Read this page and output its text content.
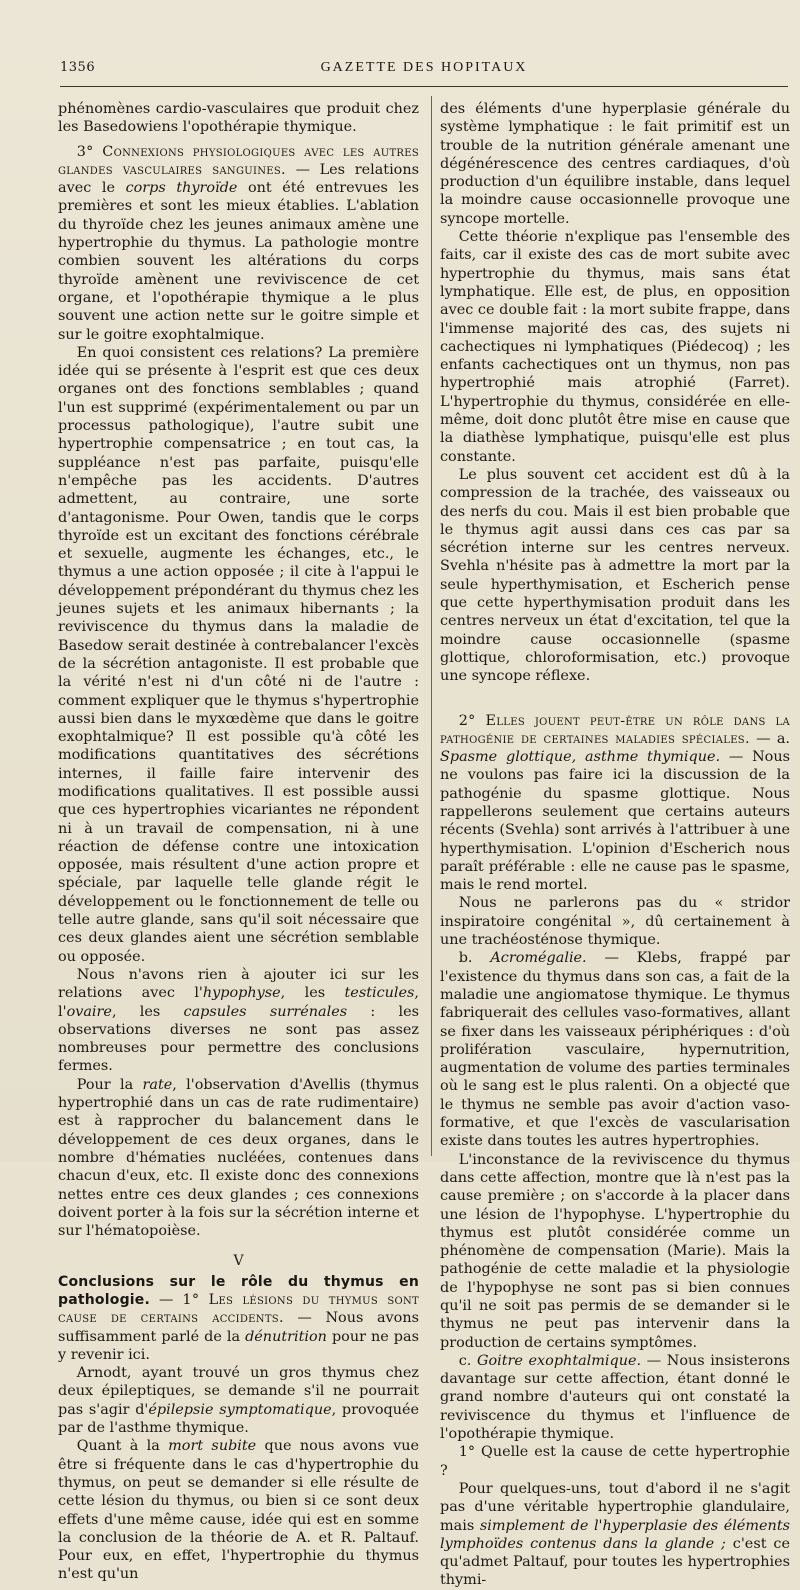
1356	GAZETTE DES HOPITAUX

phénomènes cardio-vasculaires que produit chez les Basedowiens l'opothérapie thymique.

3° Connexions physiologiques avec les autres glandes vasculaires sanguines. — Les relations avec le corps thyroïde ont été entrevues les premières et sont les mieux établies. L'ablation du thyroïde chez les jeunes animaux amène une hypertrophie du thymus. La pathologie montre combien souvent les altérations du corps thyroïde amènent une reviviscence de cet organe, et l'opothérapie thymique a le plus souvent une action nette sur le goitre simple et sur le goitre exophtalmique.

En quoi consistent ces relations? La première idée qui se présente à l'esprit est que ces deux organes ont des fonctions semblables ; quand l'un est supprimé (expérimentalement ou par un processus pathologique), l'autre subit une hypertrophie compensatrice ; en tout cas, la suppléance n'est pas parfaite, puisqu'elle n'empêche pas les accidents. D'autres admettent, au contraire, une sorte d'antagonisme. Pour Owen, tandis que le corps thyroïde est un excitant des fonctions cérébrale et sexuelle, augmente les échanges, etc., le thymus a une action opposée ; il cite à l'appui le développement prépondérant du thymus chez les jeunes sujets et les animaux hibernants ; la reviviscence du thymus dans la maladie de Basedow serait destinée à contrebalancer l'excès de la sécrétion antagoniste. Il est probable que la vérité n'est ni d'un côté ni de l'autre : comment expliquer que le thymus s'hypertrophie aussi bien dans le myxœdème que dans le goitre exophtalmique? Il est possible qu'à côté les modifications quantitatives des sécrétions internes, il faille faire intervenir des modifications qualitatives. Il est possible aussi que ces hypertrophies vicariantes ne répondent ni à un travail de compensation, ni à une réaction de défense contre une intoxication opposée, mais résultent d'une action propre et spéciale, par laquelle telle glande régit le développement ou le fonctionnement de telle ou telle autre glande, sans qu'il soit nécessaire que ces deux glandes aient une sécrétion semblable ou opposée.

Nous n'avons rien à ajouter ici sur les relations avec l'hypophyse, les testicules, l'ovaire, les capsules surrénales : les observations diverses ne sont pas assez nombreuses pour permettre des conclusions fermes.

Pour la rate, l'observation d'Avellis (thymus hypertrophié dans un cas de rate rudimentaire) est à rapprocher du balancement dans le développement de ces deux organes, dans le nombre d'hématies nucléées, contenues dans chacun d'eux, etc. Il existe donc des connexions nettes entre ces deux glandes ; ces connexions doivent porter à la fois sur la sécrétion interne et sur l'hématopoièse.

V

Conclusions sur le rôle du thymus en pathologie. — 1° Les lésions du thymus sont cause de certains accidents. — Nous avons suffisamment parlé de la dénutrition pour ne pas y revenir ici.

Arnodt, ayant trouvé un gros thymus chez deux épileptiques, se demande s'il ne pourrait pas s'agir d'épilepsie symptomatique, provoquée par de l'asthme thymique.

Quant à la mort subite que nous avons vue être si fréquente dans le cas d'hypertrophie du thymus, on peut se demander si elle résulte de cette lésion du thymus, ou bien si ce sont deux effets d'une même cause, idée qui est en somme la conclusion de la théorie de A. et R. Paltauf. Pour eux, en effet, l'hypertrophie du thymus n'est qu'un

des éléments d'une hyperplasie générale du système lymphatique : le fait primitif est un trouble de la nutrition générale amenant une dégénérescence des centres cardiaques, d'où production d'un équilibre instable, dans lequel la moindre cause occasionnelle provoque une syncope mortelle.

Cette théorie n'explique pas l'ensemble des faits, car il existe des cas de mort subite avec hypertrophie du thymus, mais sans état lymphatique. Elle est, de plus, en opposition avec ce double fait : la mort subite frappe, dans l'immense majorité des cas, des sujets ni cachectiques ni lymphatiques (Piédecoq) ; les enfants cachectiques ont un thymus, non pas hypertrophié mais atrophié (Farret). L'hypertrophie du thymus, considérée en elle-même, doit donc plutôt être mise en cause que la diathèse lymphatique, puisqu'elle est plus constante.

Le plus souvent cet accident est dû à la compression de la trachée, des vaisseaux ou des nerfs du cou. Mais il est bien probable que le thymus agit aussi dans ces cas par sa sécrétion interne sur les centres nerveux. Svehla n'hésite pas à admettre la mort par la seule hyperthymisation, et Escherich pense que cette hyperthymisation produit dans les centres nerveux un état d'excitation, tel que la moindre cause occasionnelle (spasme glottique, chloroformisation, etc.) provoque une syncope réflexe.

2° Elles jouent peut-être un rôle dans la pathogénie de certaines maladies spéciales. — a. Spasme glottique, asthme thymique. — Nous ne voulons pas faire ici la discussion de la pathogénie du spasme glottique. Nous rappellerons seulement que certains auteurs récents (Svehla) sont arrivés à l'attribuer à une hyperthymisation. L'opinion d'Escherich nous paraît préférable : elle ne cause pas le spasme, mais le rend mortel.

Nous ne parlerons pas du « stridor inspiratoire congénital », dû certainement à une trachéosténose thymique.

b. Acromégalie. — Klebs, frappé par l'existence du thymus dans son cas, a fait de la maladie une angiomatose thymique. Le thymus fabriquerait des cellules vaso-formatives, allant se fixer dans les vaisseaux périphériques : d'où prolifération vasculaire, hypernutrition, augmentation de volume des parties terminales où le sang est le plus ralenti. On a objecté que le thymus ne semble pas avoir d'action vaso-formative, et que l'excès de vascularisation existe dans toutes les autres hypertrophies.

L'inconstance de la reviviscence du thymus dans cette affection, montre que là n'est pas la cause première ; on s'accorde à la placer dans une lésion de l'hypophyse. L'hypertrophie du thymus est plutôt considérée comme un phénomène de compensation (Marie). Mais la pathogénie de cette maladie et la physiologie de l'hypophyse ne sont pas si bien connues qu'il ne soit pas permis de se demander si le thymus ne peut pas intervenir dans la production de certains symptômes.

c. Goitre exophtalmique. — Nous insisterons davantage sur cette affection, étant donné le grand nombre d'auteurs qui ont constaté la reviviscence du thymus et l'influence de l'opothérapie thymique.

1° Quelle est la cause de cette hypertrophie ?

Pour quelques-uns, tout d'abord il ne s'agit pas d'une véritable hypertrophie glandulaire, mais simplement de l'hyperplasie des éléments lymphoïdes contenus dans la glande ; c'est ce qu'admet Paltauf, pour toutes les hypertrophies thymi-
